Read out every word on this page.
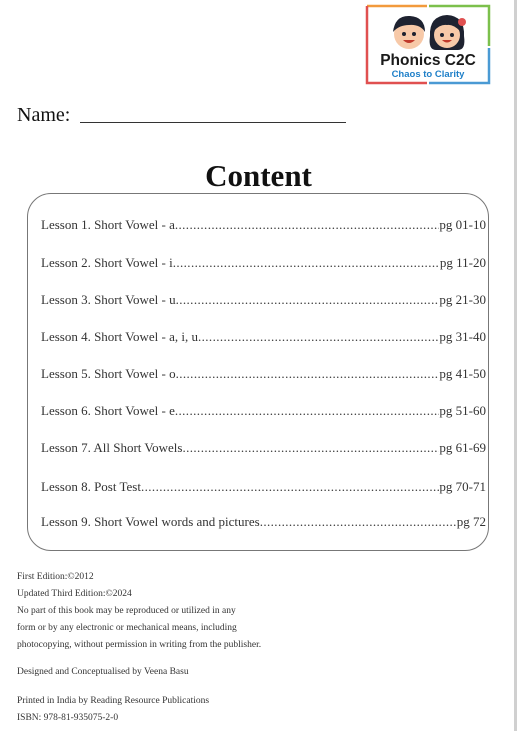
Phonics C2C
Chaos to Clarity
Name:
Content
Lesson 1. Short Vowel - a .....	pg 01-10
Lesson 2. Short Vowel - i .....	pg 11-20
Lesson 3. Short Vowel - u .....	pg 21-30
Lesson 4. Short Vowel - a, i, u .....	pg 31-40
Lesson 5. Short Vowel - o .....	pg 41-50
Lesson 6. Short Vowel - e .....	pg 51-60
Lesson 7. All Short Vowels .....	pg 61-69
Lesson 8. Post Test .....	pg 70-71
Lesson 9. Short Vowel words and pictures .....	pg 72
First Edition:©2012
Updated Third Edition:©2024
No part of this book may be reproduced or utilized in any
form or by any electronic or mechanical means, including
photocopying, without permission in writing from the publisher.
Designed and Conceptualised by Veena Basu
Printed in India by Reading Resource Publications
ISBN: 978-81-935075-2-0
